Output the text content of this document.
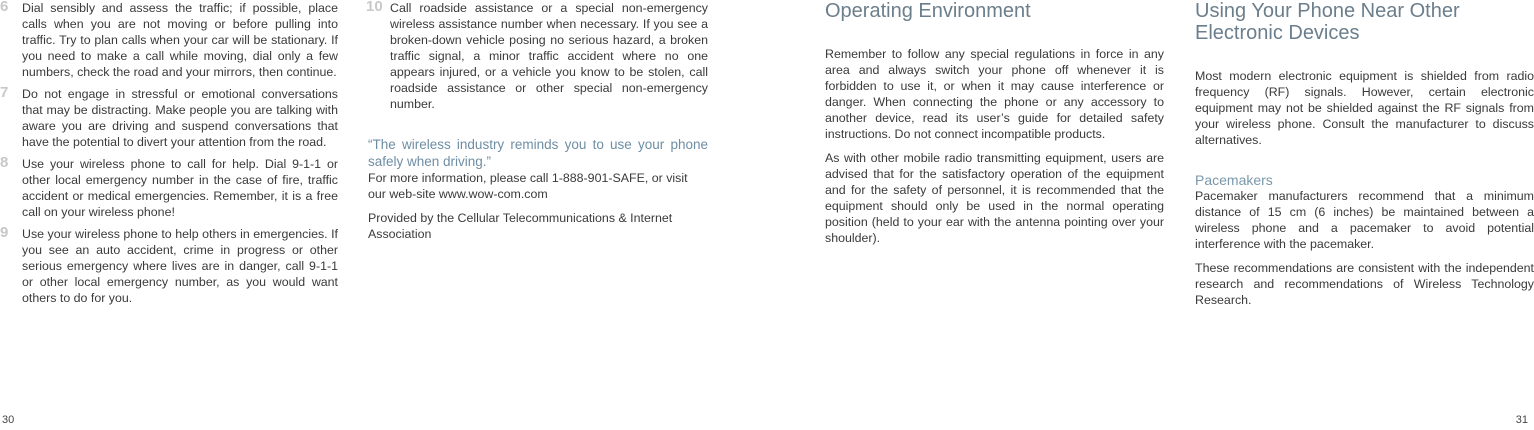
6 Dial sensibly and assess the traffic; if possible, place calls when you are not moving or before pulling into traffic. Try to plan calls when your car will be stationary. If you need to make a call while moving, dial only a few numbers, check the road and your mirrors, then continue.
7 Do not engage in stressful or emotional conversations that may be distracting. Make people you are talking with aware you are driving and suspend conversations that have the potential to divert your attention from the road.
8 Use your wireless phone to call for help. Dial 9-1-1 or other local emergency number in the case of fire, traffic accident or medical emergencies. Remember, it is a free call on your wireless phone!
9 Use your wireless phone to help others in emergencies. If you see an auto accident, crime in progress or other serious emergency where lives are in danger, call 9-1-1 or other local emergency number, as you would want others to do for you.
10 Call roadside assistance or a special non-emergency wireless assistance number when necessary. If you see a broken-down vehicle posing no serious hazard, a broken traffic signal, a minor traffic accident where no one appears injured, or a vehicle you know to be stolen, call roadside assistance or other special non-emergency number.
“The wireless industry reminds you to use your phone safely when driving.”

For more information, please call 1-888-901-SAFE, or visit our web-site www.wow-com.com

Provided by the Cellular Telecommunications & Internet Association

Operating Environment

Remember to follow any special regulations in force in any area and always switch your phone off whenever it is forbidden to use it, or when it may cause interference or danger. When connecting the phone or any accessory to another device, read its user’s guide for detailed safety instructions. Do not connect incompatible products.

As with other mobile radio transmitting equipment, users are advised that for the satisfactory operation of the equipment and for the safety of personnel, it is recommended that the equipment should only be used in the normal operating position (held to your ear with the antenna pointing over your shoulder).

Using Your Phone Near Other Electronic Devices

Most modern electronic equipment is shielded from radio frequency (RF) signals. However, certain electronic equipment may not be shielded against the RF signals from your wireless phone. Consult the manufacturer to discuss alternatives.

Pacemakers

Pacemaker manufacturers recommend that a minimum distance of 15 cm (6 inches) be maintained between a wireless phone and a pacemaker to avoid potential interference with the pacemaker.

These recommendations are consistent with the independent research and recommendations of Wireless Technology Research.

30	31
